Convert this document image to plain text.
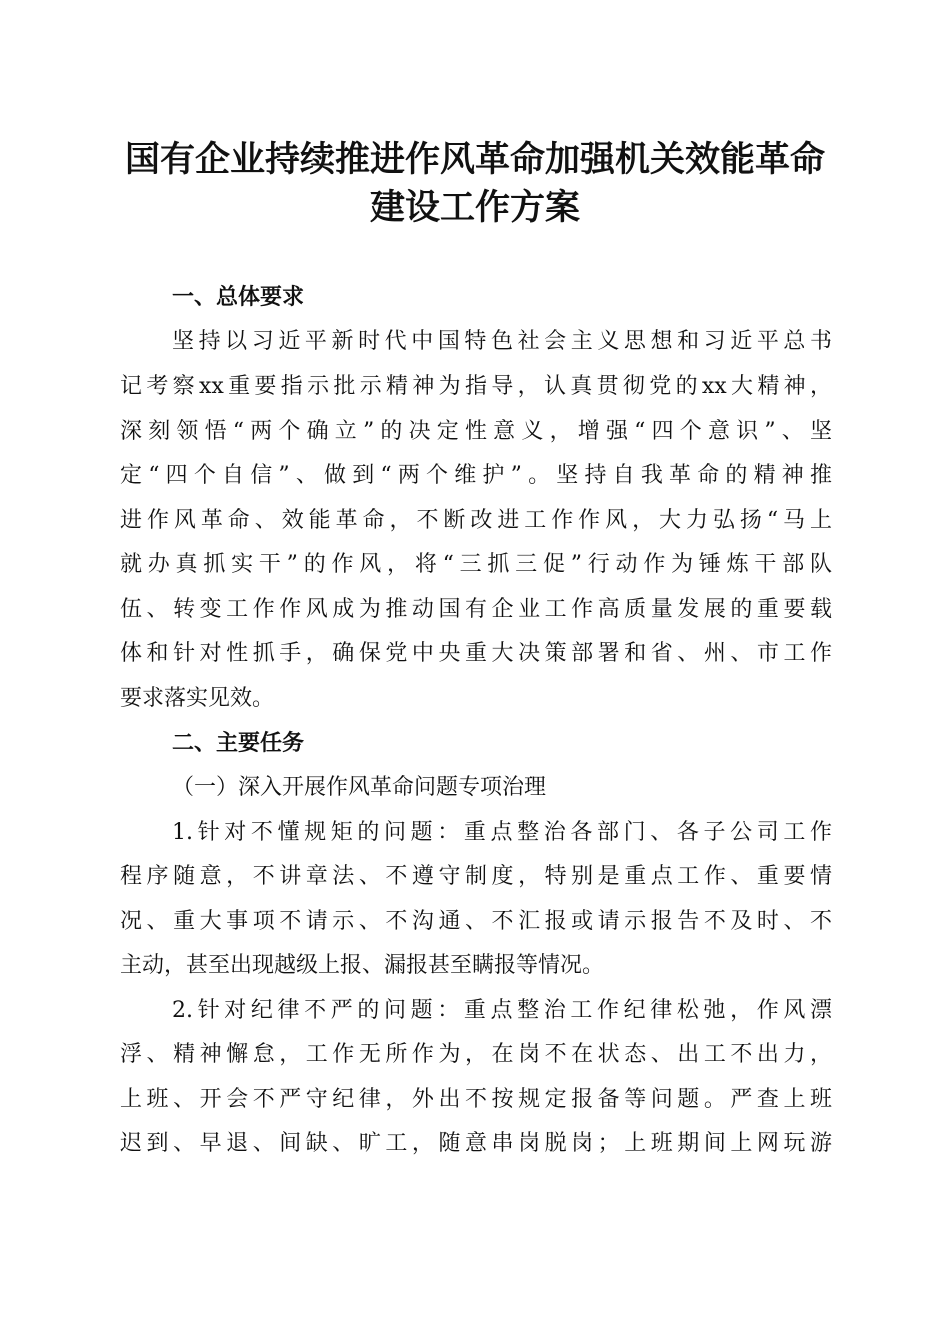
国有企业持续推进作风革命加强机关效能革命
建设工作方案
一、总体要求
坚持以习近平新时代中国特色社会主义思想和习近平总书
记考察xx重要指示批示精神为指导，认真贯彻党的xx大精神，
深刻领悟“两个确立”的决定性意义，增强“四个意识”、坚
定“四个自信”、做到“两个维护”。坚持自我革命的精神推
进作风革命、效能革命，不断改进工作作风，大力弘扬“马上
就办真抓实干”的作风，将“三抓三促”行动作为锤炼干部队
伍、转变工作作风成为推动国有企业工作高质量发展的重要载
体和针对性抓手，确保党中央重大决策部署和省、州、市工作
要求落实见效。
二、主要任务
（一）深入开展作风革命问题专项治理
1.针对不懂规矩的问题：重点整治各部门、各子公司工作
程序随意，不讲章法、不遵守制度，特别是重点工作、重要情
况、重大事项不请示、不沟通、不汇报或请示报告不及时、不
主动，甚至出现越级上报、漏报甚至瞒报等情况。
2.针对纪律不严的问题：重点整治工作纪律松弛，作风漂
浮、精神懈怠，工作无所作为，在岗不在状态、出工不出力，
上班、开会不严守纪律，外出不按规定报备等问题。严查上班
迟到、早退、间缺、旷工，随意串岗脱岗；上班期间上网玩游
